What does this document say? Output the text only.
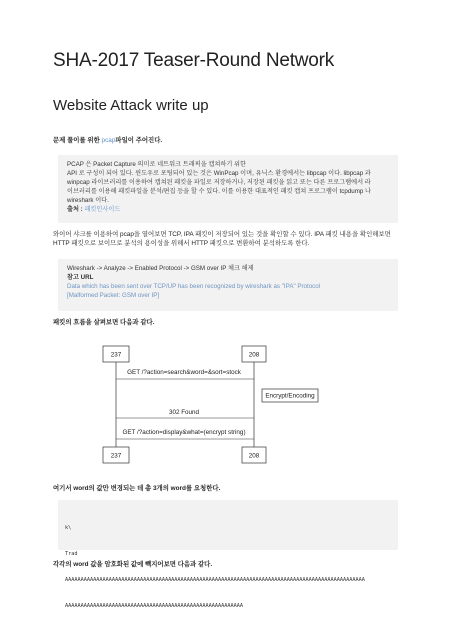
SHA-2017 Teaser-Round Network
Website Attack write up
문제 풀이를 위한 pcap파일이 주어진다.
PCAP 은 Packet Capture 의미로 네트워크 트래픽을 캡쳐하기 위한
API 로 구성이 되어 있다. 윈도우로 포팅되어 있는 것은 WinPcap 이며, 유닉스 환경에서는 libpcap 이다. libpcap 과
winpcap 라이브러리를 이용하여 캡쳐된 패킷을 파일로 저장하거나, 저장된 패킷을 읽고 또는 다른 프로그램에서 라
이브러리를 이용해 패킷파일을 분석/편집 등을 할 수 있다. 이를 이용한 대표적인 패킷 캡쳐 프로그램이 tcpdump 나
wireshark 이다.
출처 : 패킷인사이드
와이어 샤크를 이용하여 pcap을 열어보면 TCP, IPA 패킷이 저장되어 있는 것을 확인할 수 있다. IPA 패킷 내용을 확인해보면
HTTP 패킷으로 보이므로 분석의 용이성을 위해서 HTTP 패킷으로 변환하여 분석하도록 한다.
Wireshark -> Analyze -> Enabled Protocol -> GSM over IP 체크 해제
참고 URL
Data which has been sent over TCP/UP has been recognized by wireshark as "IPA" Protocol
[Malformed Packet: GSM over IP]
패킷의 흐름을 살펴보면 다음과 같다.
237	208
GET /?action=search&word=&sort=stock
Encrypt/Encoding
302 Found
GET /?action=display&what=(encrypt string)
237	208
여기서 word의 값만 변경되는 데 총 3개의 word를 요청한다.

k\

Trad

AAAAAAAAAAAAAAAAAAAAAAAAAAAAAAAAAAAAAAAAAAAAAAAAAAAAAAAAAAAAAAAAAAAAAAAAAAAAAAAAAAAAAAAAAAAAAAAA

AAAAAAAAAAAAAAAAAAAAAAAAAAAAAAAAAAAAAAAAAAAAAAAAAAAAAAAAA

각각의 word 값을 암호화된 값에 빽지어보면 다음과 같다.
